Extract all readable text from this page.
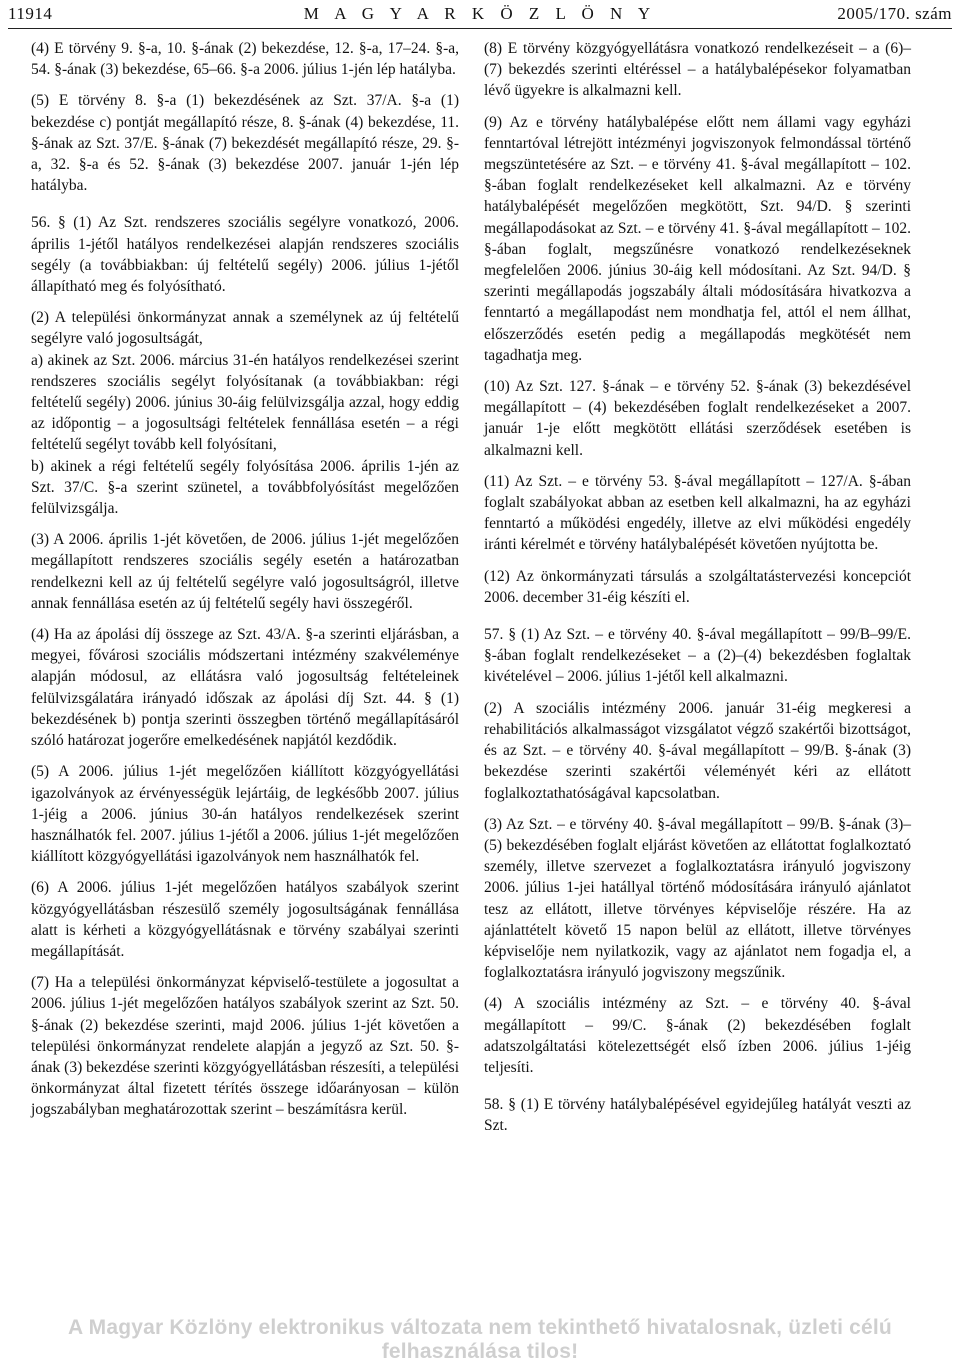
11914	M A G Y A R K Ö Z L Ö N Y	2005/170. szám

(4) E törvény 9. §-a, 10. §-ának (2) bekezdése, 12. §-a, 17–24. §-a, 54. §-ának (3) bekezdése, 65–66. §-a 2006. július 1-jén lép hatályba.

(5) E törvény 8. §-a (1) bekezdésének az Szt. 37/A. §-a (1) bekezdése c) pontját megállapító része, 8. §-ának (4) bekezdése, 11. §-ának az Szt. 37/E. §-ának (7) bekezdését megállapító része, 29. §-a, 32. §-a és 52. §-ának (3) bekezdése 2007. január 1-jén lép hatályba.

56. § (1) Az Szt. rendszeres szociális segélyre vonatkozó, 2006. április 1-jétől hatályos rendelkezései alapján rendszeres szociális segély (a továbbiakban: új feltételű segély) 2006. július 1-jétől állapítható meg és folyósítható.

(2) A települési önkormányzat annak a személynek az új feltételű segélyre való jogosultságát,

a) akinek az Szt. 2006. március 31-én hatályos rendelkezései szerint rendszeres szociális segélyt folyósítanak (a továbbiakban: régi feltételű segély) 2006. június 30-áig felülvizsgálja azzal, hogy eddig az időpontig – a jogosultsági feltételek fennállása esetén – a régi feltételű segélyt tovább kell folyósítani,

b) akinek a régi feltételű segély folyósítása 2006. április 1-jén az Szt. 37/C. §-a szerint szünetel, a továbbfolyósítást megelőzően felülvizsgálja.

(3) A 2006. április 1-jét követően, de 2006. július 1-jét megelőzően megállapított rendszeres szociális segély esetén a határozatban rendelkezni kell az új feltételű segélyre való jogosultságról, illetve annak fennállása esetén az új feltételű segély havi összegéről.

(4) Ha az ápolási díj összege az Szt. 43/A. §-a szerinti eljárásban, a megyei, fővárosi szociális módszertani intézmény szakvéleménye alapján módosul, az ellátásra való jogosultság feltételeinek felülvizsgálatára irányadó időszak az ápolási díj Szt. 44. § (1) bekezdésének b) pontja szerinti összegben történő megállapításáról szóló határozat jogerőre emelkedésének napjától kezdődik.

(5) A 2006. július 1-jét megelőzően kiállított közgyógyellátási igazolványok az érvényességük lejártáig, de legkésőbb 2007. július 1-jéig a 2006. június 30-án hatályos rendelkezések szerint használhatók fel. 2007. július 1-jétől a 2006. július 1-jét megelőzően kiállított közgyógyellátási igazolványok nem használhatók fel.

(6) A 2006. július 1-jét megelőzően hatályos szabályok szerint közgyógyellátásban részesülő személy jogosultságának fennállása alatt is kérheti a közgyógyellátásnak e törvény szabályai szerinti megállapítását.

(7) Ha a települési önkormányzat képviselő-testülete a jogosultat a 2006. július 1-jét megelőzően hatályos szabályok szerint az Szt. 50. §-ának (2) bekezdése szerinti, majd 2006. július 1-jét követően a települési önkormányzat rendelete alapján a jegyző az Szt. 50. §-ának (3) bekezdése szerinti közgyógyellátásban részesíti, a települési önkormányzat által fizetett térítés összege időarányosan – külön jogszabályban meghatározottak szerint – beszámításra kerül.

(8) E törvény közgyógyellátásra vonatkozó rendelkezéseit – a (6)–(7) bekezdés szerinti eltéréssel – a hatálybalépésekor folyamatban lévő ügyekre is alkalmazni kell.

(9) Az e törvény hatálybalépése előtt nem állami vagy egyházi fenntartóval létrejött intézményi jogviszonyok felmondással történő megszüntetésére az Szt. – e törvény 41. §-ával megállapított – 102. §-ában foglalt rendelkezéseket kell alkalmazni. Az e törvény hatálybalépését megelőzően megkötött, Szt. 94/D. § szerinti megállapodásokat az Szt. – e törvény 41. §-ával megállapított – 102. §-ában foglalt, megszűnésre vonatkozó rendelkezéseknek megfelelően 2006. június 30-áig kell módosítani. Az Szt. 94/D. § szerinti megállapodás jogszabály általi módosítására hivatkozva a fenntartó a megállapodást nem mondhatja fel, attól el nem állhat, előszerződés esetén pedig a megállapodás megkötését nem tagadhatja meg.

(10) Az Szt. 127. §-ának – e törvény 52. §-ának (3) bekezdésével megállapított – (4) bekezdésében foglalt rendelkezéseket a 2007. január 1-je előtt megkötött ellátási szerződések esetében is alkalmazni kell.

(11) Az Szt. – e törvény 53. §-ával megállapított – 127/A. §-ában foglalt szabályokat abban az esetben kell alkalmazni, ha az egyházi fenntartó a működési engedély, illetve az elvi működési engedély iránti kérelmét e törvény hatálybalépését követően nyújtotta be.

(12) Az önkormányzati társulás a szolgáltatástervezési koncepciót 2006. december 31-éig készíti el.

57. § (1) Az Szt. – e törvény 40. §-ával megállapított – 99/B–99/E. §-ában foglalt rendelkezéseket – a (2)–(4) bekezdésben foglaltak kivételével – 2006. július 1-jétől kell alkalmazni.

(2) A szociális intézmény 2006. január 31-éig megkeresi a rehabilitációs alkalmasságot vizsgálatot végző szakértői bizottságot, és az Szt. – e törvény 40. §-ával megállapított – 99/B. §-ának (3) bekezdése szerinti szakértői véleményét kéri az ellátott foglalkoztathatóságával kapcsolatban.

(3) Az Szt. – e törvény 40. §-ával megállapított – 99/B. §-ának (3)–(5) bekezdésében foglalt eljárást követően az ellátottat foglalkoztató személy, illetve szervezet a foglalkoztatásra irányuló jogviszony 2006. július 1-jei hatállyal történő módosítására irányuló ajánlatot tesz az ellátott, illetve törvényes képviselője részére. Ha az ajánlattételt követő 15 napon belül az ellátott, illetve törvényes képviselője nem nyilatkozik, vagy az ajánlatot nem fogadja el, a foglalkoztatásra irányuló jogviszony megszűnik.

(4) A szociális intézmény az Szt. – e törvény 40. §-ával megállapított – 99/C. §-ának (2) bekezdésében foglalt adatszolgáltatási kötelezettségét első ízben 2006. július 1-jéig teljesíti.

58. § (1) E törvény hatálybalépésével egyidejűleg hatályát veszti az Szt.

A Magyar Közlöny elektronikus változata nem tekinthető hivatalosnak, üzleti célú felhasználása tilos!
